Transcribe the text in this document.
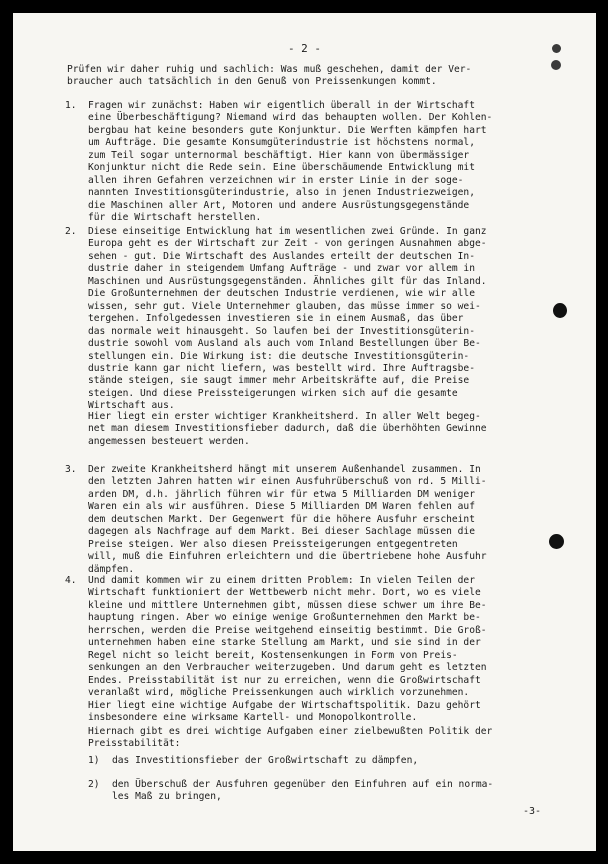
- 2 -
Prüfen wir daher ruhig und sachlich: Was muß geschehen, damit der Ver-
braucher auch tatsächlich in den Genuß von Preissenkungen kommt.
1. Fragen wir zunächst: Haben wir eigentlich überall in der Wirtschaft
eine Überbeschäftigung? Niemand wird das behaupten wollen. Der Kohlen-
bergbau hat keine besonders gute Konjunktur. Die Werften kämpfen hart
um Aufträge. Die gesamte Konsumgüterindustrie ist höchstens normal,
zum Teil sogar unternormal beschäftigt. Hier kann von übermässiger
Konjunktur nicht die Rede sein. Eine überschäumende Entwicklung mit
allen ihren Gefahren verzeichnen wir in erster Linie in der soge-
nannten Investitionsgüterindustrie, also in jenen Industriezweigen,
die Maschinen aller Art, Motoren und andere Ausrüstungsgegenstände
für die Wirtschaft herstellen.
2. Diese einseitige Entwicklung hat im wesentlichen zwei Gründe. In ganz
Europa geht es der Wirtschaft zur Zeit - von geringen Ausnahmen abge-
sehen - gut. Die Wirtschaft des Auslandes erteilt der deutschen In-
dustrie daher in steigendem Umfang Aufträge - und zwar vor allem in
Maschinen und Ausrüstungsgegenständen. Ähnliches gilt für das Inland.
Die Großunternehmen der deutschen Industrie verdienen, wie wir alle
wissen, sehr gut. Viele Unternehmer glauben, das müsse immer so wei-
tergehen. Infolgedessen investieren sie in einem Ausmaß, das über
das normale weit hinausgeht. So laufen bei der Investitionsgüterin-
dustrie sowohl vom Ausland als auch vom Inland Bestellungen über Be-
stellungen ein. Die Wirkung ist: die deutsche Investitionsgüterin-
dustrie kann gar nicht liefern, was bestellt wird. Ihre Auftragsbe-
stände steigen, sie saugt immer mehr Arbeitskräfte auf, die Preise
steigen. Und diese Preissteigerungen wirken sich auf die gesamte
Wirtschaft aus.
Hier liegt ein erster wichtiger Krankheitsherd. In aller Welt begeg-
net man diesem Investitionsfieber dadurch, daß die überhöhten Gewinne
angemessen besteuert werden.
3. Der zweite Krankheitsherd hängt mit unserem Außenhandel zusammen. In
den letzten Jahren hatten wir einen Ausfuhrüberschuß von rd. 5 Milli-
arden DM, d.h. jährlich führen wir für etwa 5 Milliarden DM weniger
Waren ein als wir ausführen. Diese 5 Milliarden DM Waren fehlen auf
dem deutschen Markt. Der Gegenwert für die höhere Ausfuhr erscheint
dagegen als Nachfrage auf dem Markt. Bei dieser Sachlage müssen die
Preise steigen. Wer also diesen Preissteigerungen entgegentreten
will, muß die Einfuhren erleichtern und die übertriebene hohe Ausfuhr
dämpfen.
4. Und damit kommen wir zu einem dritten Problem: In vielen Teilen der
Wirtschaft funktioniert der Wettbewerb nicht mehr. Dort, wo es viele
kleine und mittlere Unternehmen gibt, müssen diese schwer um ihre Be-
hauptung ringen. Aber wo einige wenige Großunternehmen den Markt be-
herrschen, werden die Preise weitgehend einseitig bestimmt. Die Groß-
unternehmen haben eine starke Stellung am Markt, und sie sind in der
Regel nicht so leicht bereit, Kostensenkungen in Form von Preis-
senkungen an den Verbraucher weiterzugeben. Und darum geht es letzten
Endes. Preisstabilität ist nur zu erreichen, wenn die Großwirtschaft
veranlaßt wird, mögliche Preissenkungen auch wirklich vorzunehmen.
Hier liegt eine wichtige Aufgabe der Wirtschaftspolitik. Dazu gehört
insbesondere eine wirksame Kartell- und Monopolkontrolle.
Hiernach gibt es drei wichtige Aufgaben einer zielbewußten Politik der
Preisstabilität:
1) das Investitionsfieber der Großwirtschaft zu dämpfen,
2) den Überschuß der Ausfuhren gegenüber den Einfuhren auf ein norma-
les Maß zu bringen,
-3-
